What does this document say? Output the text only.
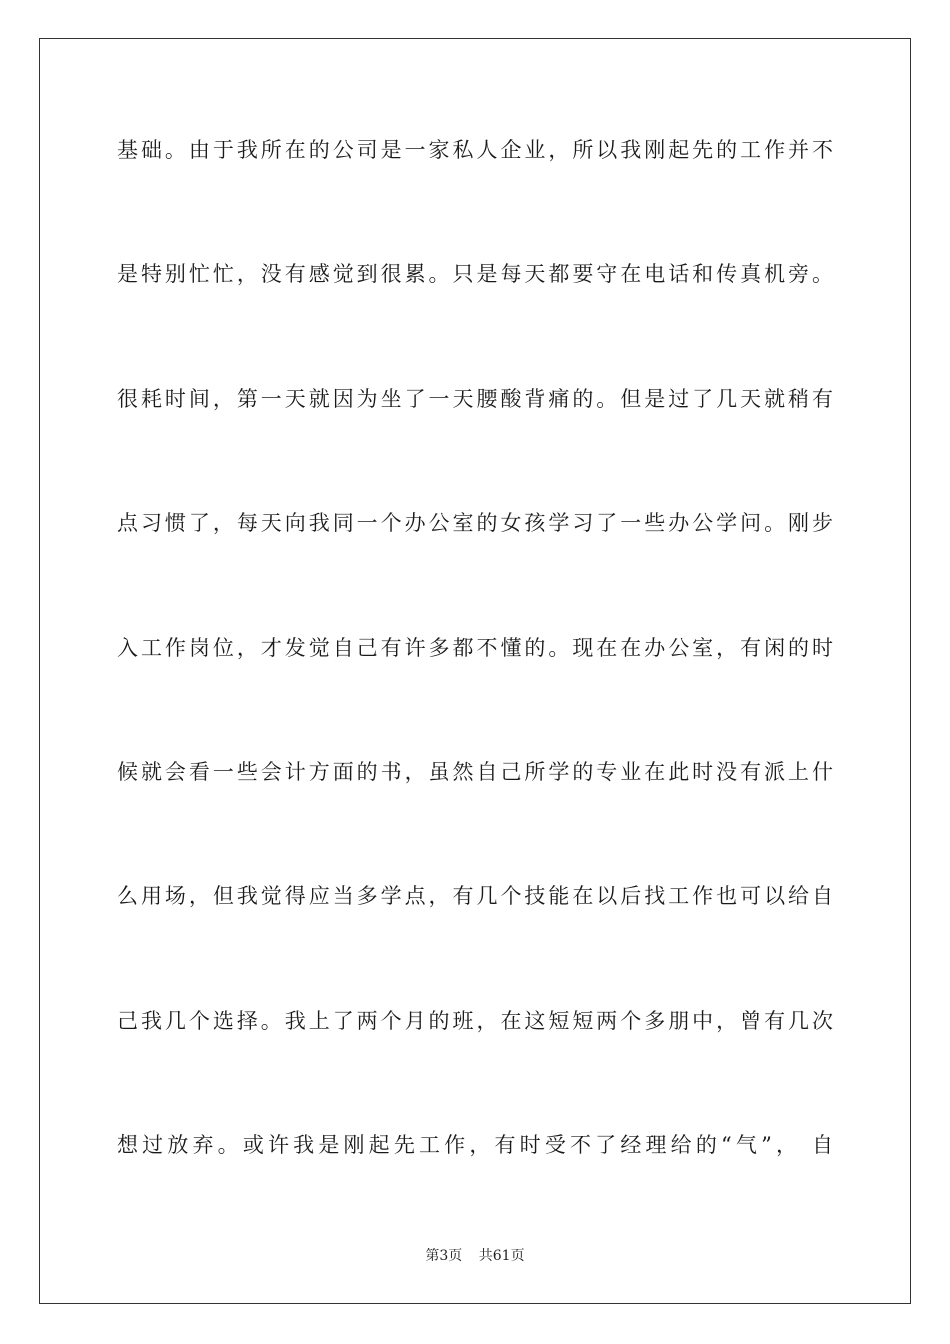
基础。由于我所在的公司是一家私人企业，所以我刚起先的工作并不
是特别忙忙，没有感觉到很累。只是每天都要守在电话和传真机旁。
很耗时间，第一天就因为坐了一天腰酸背痛的。但是过了几天就稍有
点习惯了，每天向我同一个办公室的女孩学习了一些办公学问。刚步
入工作岗位，才发觉自己有许多都不懂的。现在在办公室，有闲的时
候就会看一些会计方面的书，虽然自己所学的专业在此时没有派上什
么用场，但我觉得应当多学点，有几个技能在以后找工作也可以给自
己我几个选择。我上了两个月的班，在这短短两个多朋中，曾有几次
想过放弃。或许我是刚起先工作，有时受不了经理给的“气”， 自
第3页 共61页
